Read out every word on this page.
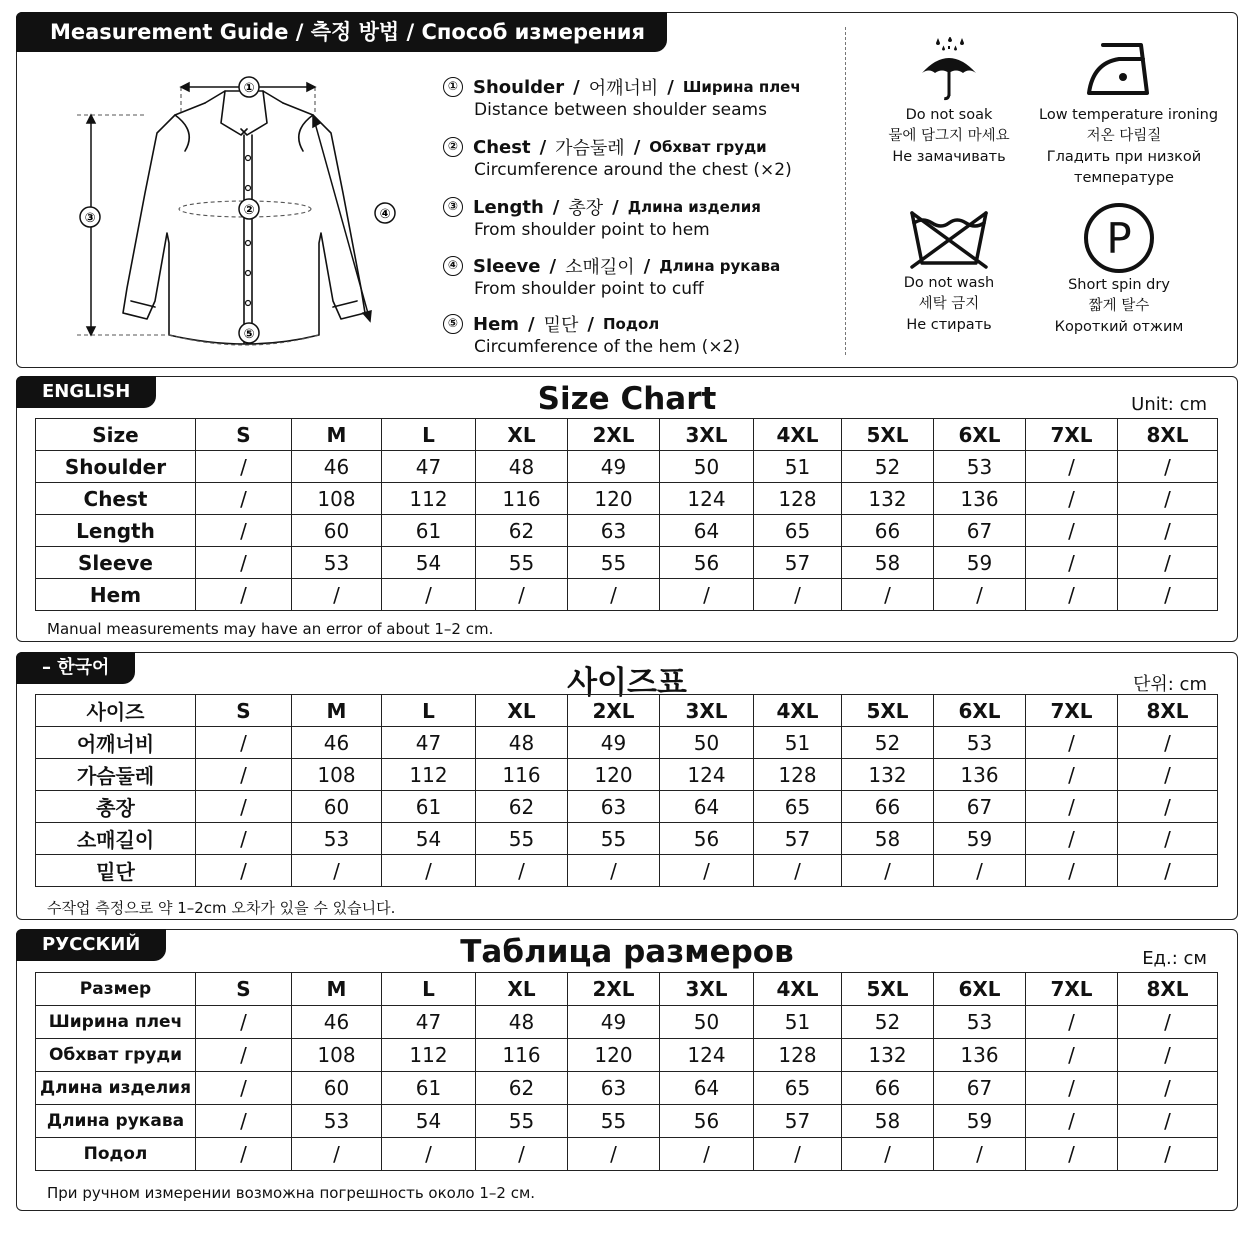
Measurement Guide / 측정 방법 / Способ измерения
①
②
③	④
⑤
① Shoulder / 어깨너비 / Ширина плеч
Distance between shoulder seams
② Chest / 가슴둘레 / Обхват груди
Circumference around the chest (×2)
③ Length / 총장 / Длина изделия
From shoulder point to hem
④ Sleeve / 소매길이 / Длина рукава
From shoulder point to cuff
⑤ Hem / 밑단 / Подол
Circumference of the hem (×2)
Do not soak
물에 담그지 마세요
Не замачивать
Low temperature ironing
저온 다림질
Гладить при низкой
температуре
Do not wash
세탁 금지
Не стирать
P
Short spin dry
짧게 탈수
Короткий отжим
ENGLISH	Size Chart	Unit: cm
Size	S	M	L	XL	2XL	3XL	4XL	5XL	6XL	7XL	8XL
Shoulder	/	46	47	48	49	50	51	52	53	/	/
Chest	/	108	112	116	120	124	128	132	136	/	/
Length	/	60	61	62	63	64	65	66	67	/	/
Sleeve	/	53	54	55	55	56	57	58	59	/	/
Hem	/	/	/	/	/	/	/	/	/	/	/
Manual measurements may have an error of about 1–2 cm.
– 한국어	사이즈표	단위: cm
사이즈	S	M	L	XL	2XL	3XL	4XL	5XL	6XL	7XL	8XL
어깨너비	/	46	47	48	49	50	51	52	53	/	/
가슴둘레	/	108	112	116	120	124	128	132	136	/	/
총장	/	60	61	62	63	64	65	66	67	/	/
소매길이	/	53	54	55	55	56	57	58	59	/	/
밑단	/	/	/	/	/	/	/	/	/	/	/
수작업 측정으로 약 1–2cm 오차가 있을 수 있습니다.
РУССКИЙ	Таблица размеров	Ед.: см
Размер	S	M	L	XL	2XL	3XL	4XL	5XL	6XL	7XL	8XL
Ширина плеч	/	46	47	48	49	50	51	52	53	/	/
Обхват груди	/	108	112	116	120	124	128	132	136	/	/
Длина изделия	/	60	61	62	63	64	65	66	67	/	/
Длина рукава	/	53	54	55	55	56	57	58	59	/	/
Подол	/	/	/	/	/	/	/	/	/	/	/
При ручном измерении возможна погрешность около 1–2 см.
